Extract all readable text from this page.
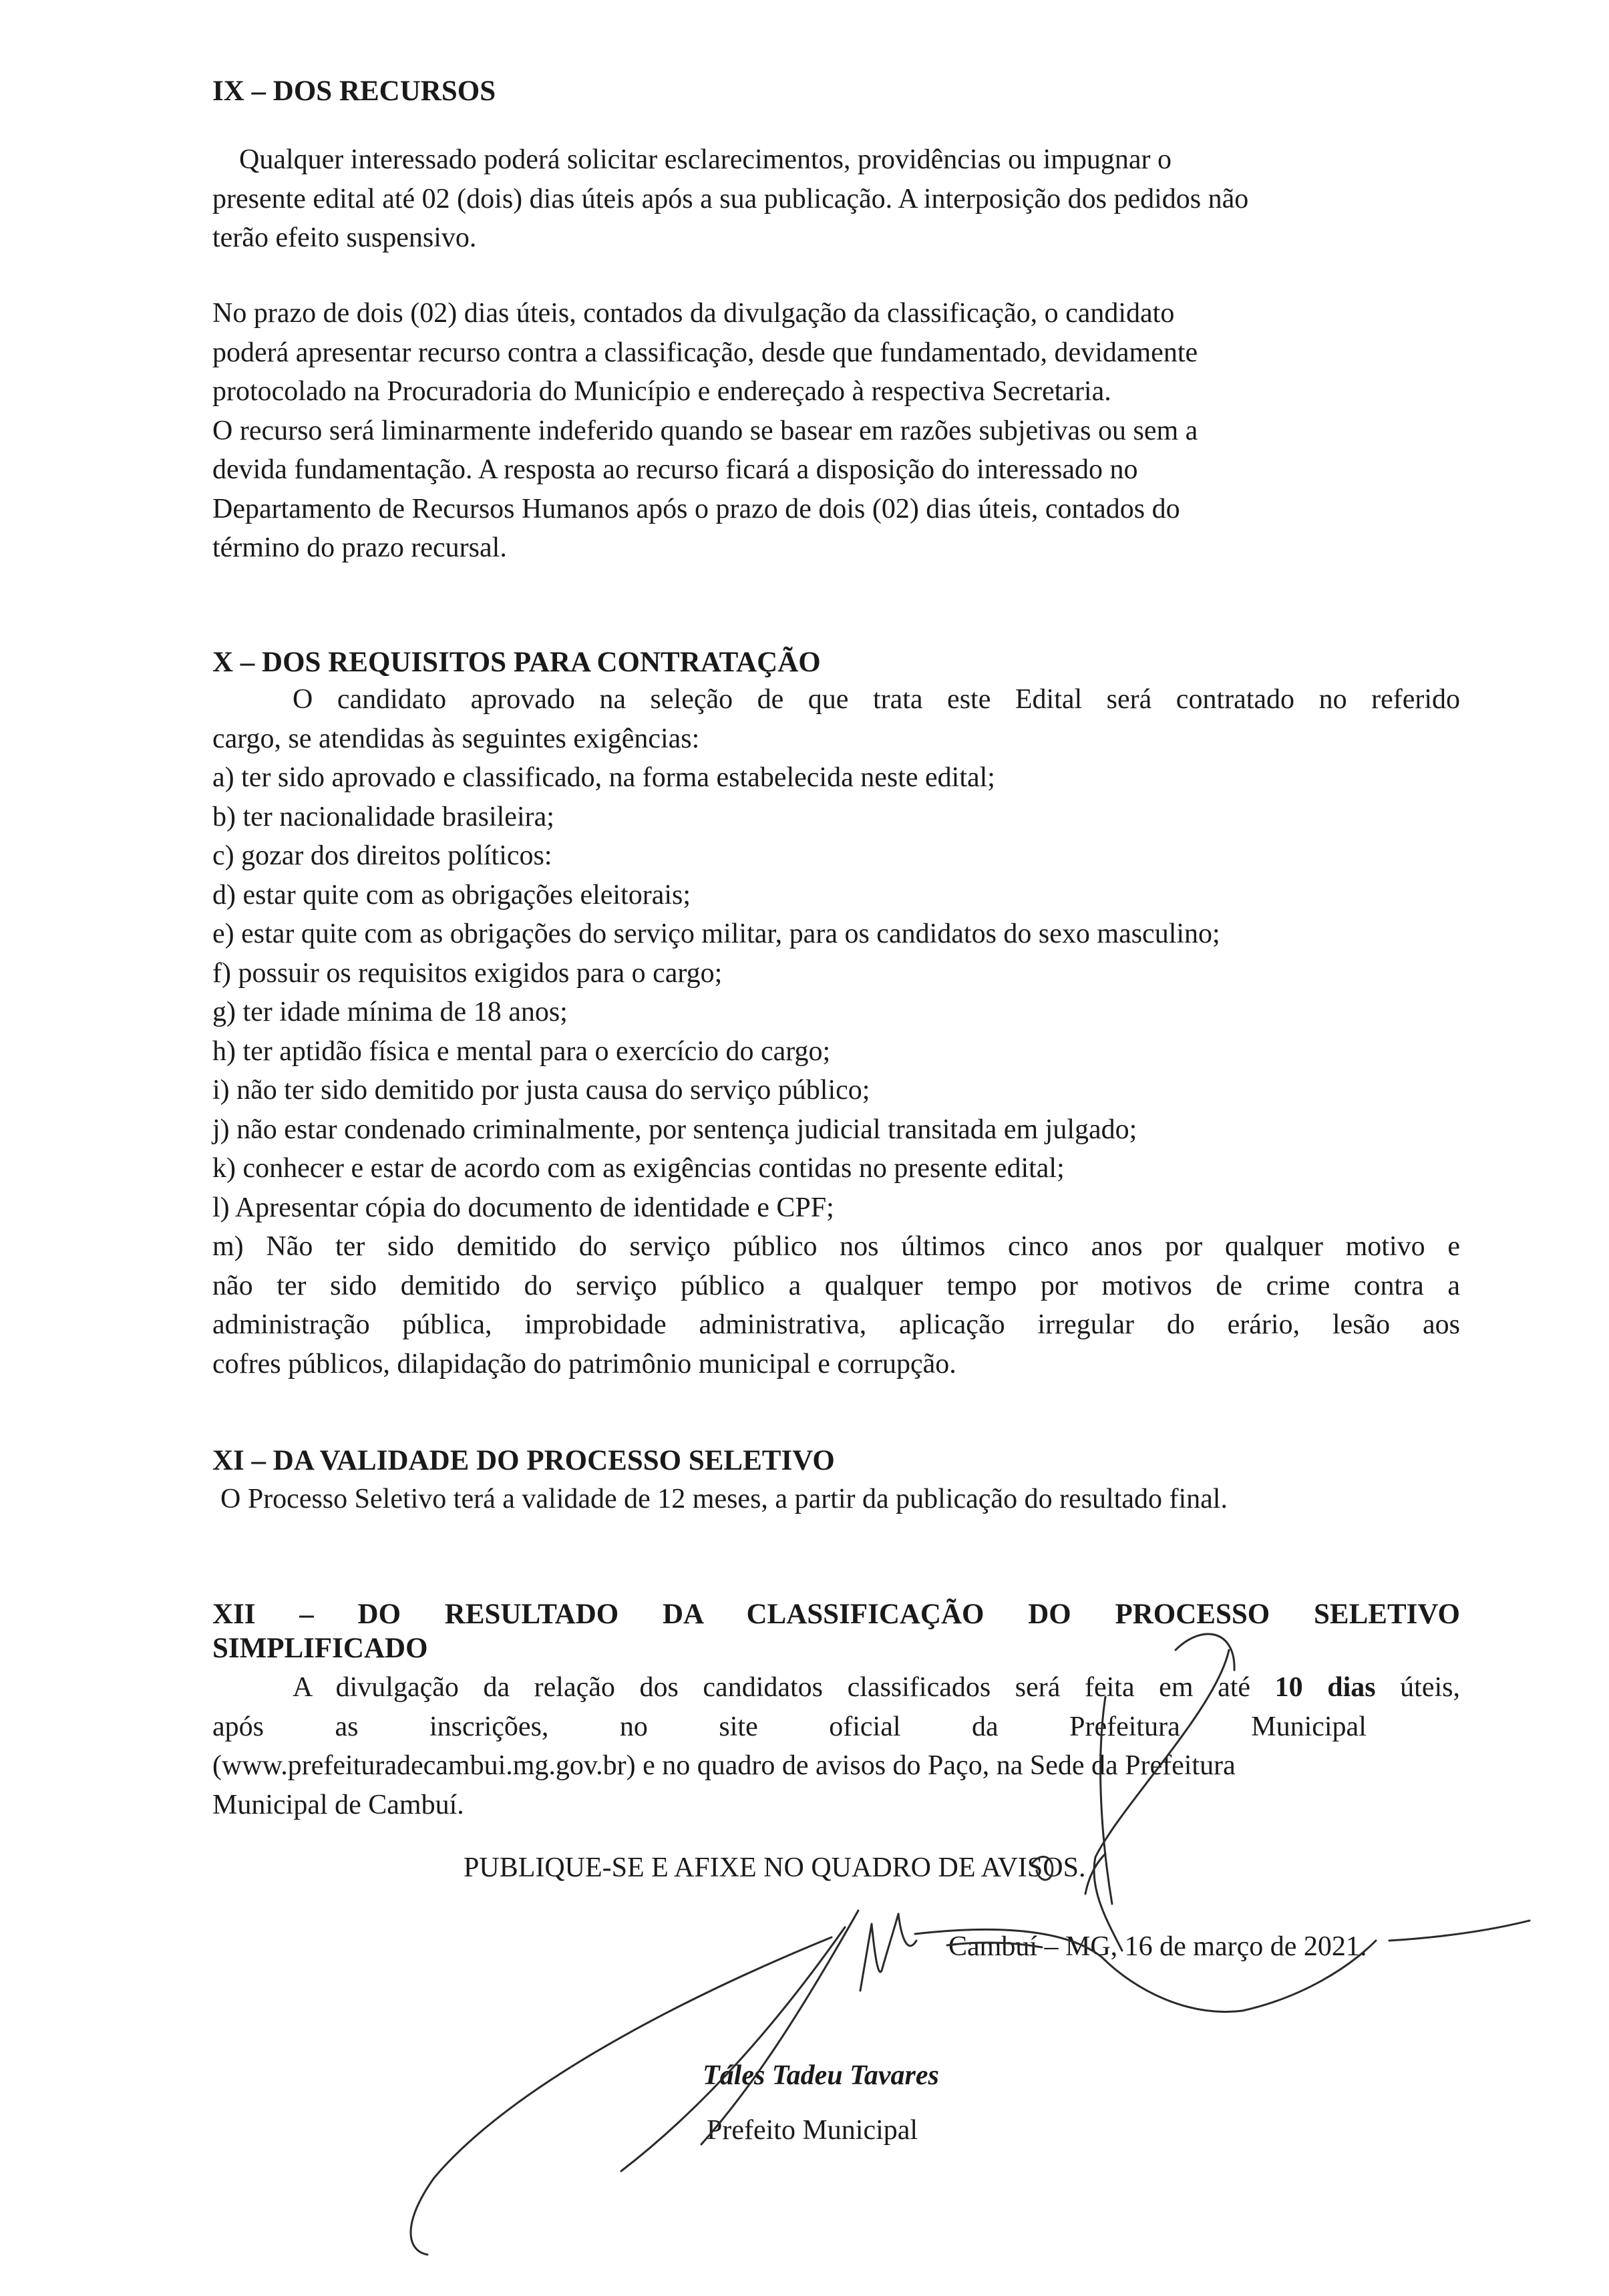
IX – DOS RECURSOS
Qualquer interessado poderá solicitar esclarecimentos, providências ou impugnar o
presente edital até 02 (dois) dias úteis após a sua publicação. A interposição dos pedidos não
terão efeito suspensivo.
No prazo de dois (02) dias úteis, contados da divulgação da classificação, o candidato
poderá apresentar recurso contra a classificação, desde que fundamentado, devidamente
protocolado na Procuradoria do Município e endereçado à respectiva Secretaria.
O recurso será liminarmente indeferido quando se basear em razões subjetivas ou sem a
devida fundamentação. A resposta ao recurso ficará a disposição do interessado no
Departamento de Recursos Humanos após o prazo de dois (02) dias úteis, contados do
término do prazo recursal.
X – DOS REQUISITOS PARA CONTRATAÇÃO
O candidato aprovado na seleção de que trata este Edital será contratado no referido
cargo, se atendidas às seguintes exigências:
a) ter sido aprovado e classificado, na forma estabelecida neste edital;
b) ter nacionalidade brasileira;
c) gozar dos direitos políticos:
d) estar quite com as obrigações eleitorais;
e) estar quite com as obrigações do serviço militar, para os candidatos do sexo masculino;
f) possuir os requisitos exigidos para o cargo;
g) ter idade mínima de 18 anos;
h) ter aptidão física e mental para o exercício do cargo;
i) não ter sido demitido por justa causa do serviço público;
j) não estar condenado criminalmente, por sentença judicial transitada em julgado;
k) conhecer e estar de acordo com as exigências contidas no presente edital;
l) Apresentar cópia do documento de identidade e CPF;
m) Não ter sido demitido do serviço público nos últimos cinco anos por qualquer motivo e
não ter sido demitido do serviço público a qualquer tempo por motivos de crime contra a
administração pública, improbidade administrativa, aplicação irregular do erário, lesão aos
cofres públicos, dilapidação do patrimônio municipal e corrupção.
XI – DA VALIDADE DO PROCESSO SELETIVO
O Processo Seletivo terá a validade de 12 meses, a partir da publicação do resultado final.
XII – DO RESULTADO DA CLASSIFICAÇÃO DO PROCESSO SELETIVO
SIMPLIFICADO
A divulgação da relação dos candidatos classificados será feita em até 10 dias úteis,
após as inscrições, no site oficial da Prefeitura Municipal
(www.prefeituradecambui.mg.gov.br) e no quadro de avisos do Paço, na Sede da Prefeitura
Municipal de Cambuí.
PUBLIQUE-SE E AFIXE NO QUADRO DE AVISOS.
Cambuí – MG, 16 de março de 2021.
Táles Tadeu Tavares
Prefeito Municipal
